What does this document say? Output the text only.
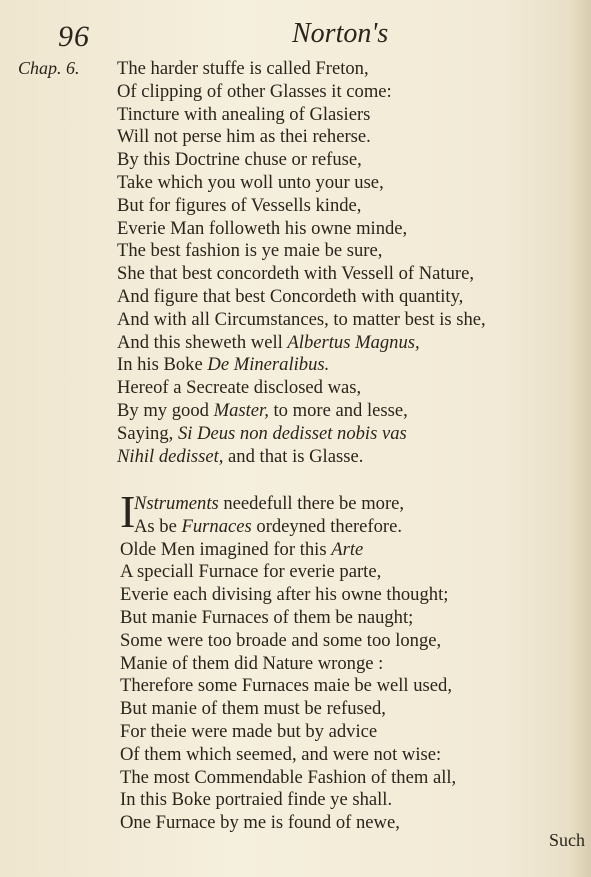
96	Norton's
Chap. 6. The harder stuffe is called Freton,
Of clipping of other Glasses it come:
Tincture with anealing of Glasiers
Will not perse him as thei reherse.
By this Doctrine chuse or refuse,
Take which you woll unto your use,
But for figures of Vessells kinde,
Everie Man followeth his owne minde,
The best fashion is ye maie be sure,
She that best concordeth with Vessell of Nature,
And figure that best Concordeth with quantity,
And with all Circumstances, to matter best is she,
And this sheweth well Albertus Magnus,
In his Boke De Mineralibus.
Hereof a Secreate disclosed was,
By my good Master, to more and lesse,
Saying, Si Deus non dedisset nobis vas
Nihil dedisset, and that is Glasse.
I
Nstruments needefull there be more,
As be Furnaces ordeyned therefore.
Olde Men imagined for this Arte
A speciall Furnace for everie parte,
Everie each divising after his owne thought;
But manie Furnaces of them be naught;
Some were too broade and some too longe,
Manie of them did Nature wronge :
Therefore some Furnaces maie be well used,
But manie of them must be refused,
For theie were made but by advice
Of them which seemed, and were not wise:
The most Commendable Fashion of them all,
In this Boke portraied finde ye shall.
One Furnace by me is found of newe,
Such
